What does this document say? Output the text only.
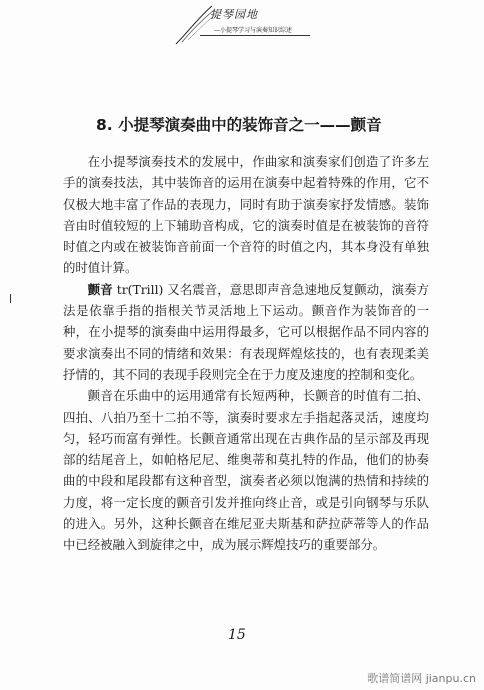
提琴园地
—小提琴学习与演奏知识综述
8. 小提琴演奏曲中的装饰音之一——颤音

在小提琴演奏技术的发展中，作曲家和演奏家们创造了许多左手的演奏技法，其中装饰音的运用在演奏中起着特殊的作用，它不仅极大地丰富了作品的表现力，同时有助于演奏家抒发情感。装饰音由时值较短的上下辅助音构成，它的演奏时值是在被装饰的音符时值之内或在被装饰音前面一个音符的时值之内，其本身没有单独的时值计算。

颤音 tr(Trill) 又名震音，意思即声音急速地反复颤动，演奏方法是依靠手指的指根关节灵活地上下运动。颤音作为装饰音的一种，在小提琴的演奏曲中运用得最多，它可以根据作品不同内容的要求演奏出不同的情绪和效果：有表现辉煌炫技的，也有表现柔美抒情的，其不同的表现手段则完全在于力度及速度的控制和变化。

颤音在乐曲中的运用通常有长短两种，长颤音的时值有二拍、四拍、八拍乃至十二拍不等，演奏时要求左手指起落灵活，速度均匀，轻巧而富有弹性。长颤音通常出现在古典作品的呈示部及再现部的结尾音上，如帕格尼尼、维奥蒂和莫扎特的作品，他们的协奏曲的中段和尾段都有这种音型，演奏者必须以饱满的热情和持续的力度，将一定长度的颤音引发并推向终止音，或是引向钢琴与乐队的进入。另外，这种长颤音在维尼亚夫斯基和萨拉萨蒂等人的作品中已经被融入到旋律之中，成为展示辉煌技巧的重要部分。

15
歌谱简谱网 jianpu.cn
